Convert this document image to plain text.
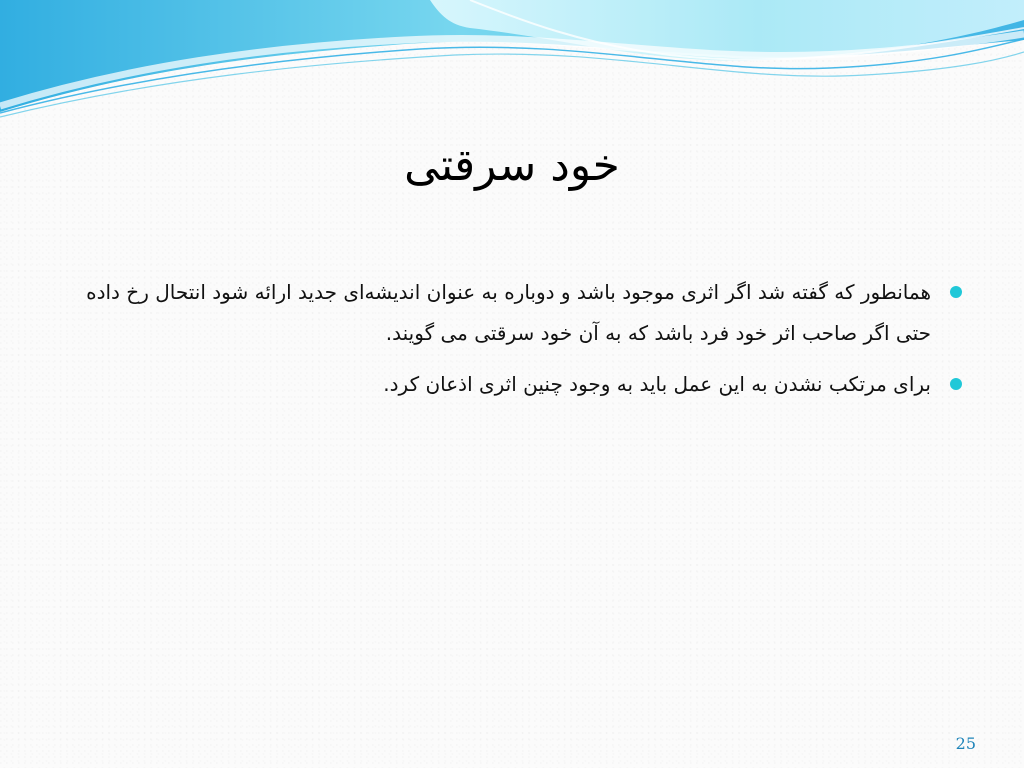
خود سرقتی
همانطور که گفته شد اگر اثری موجود باشد و دوباره به عنوان اندیشه‌ای جدید ارائه شود انتحال رخ داده حتی اگر صاحب اثر خود فرد باشد که به آن خود سرقتی می گویند.
برای مرتکب نشدن به این عمل باید به وجود چنین اثری اذعان کرد.
25
